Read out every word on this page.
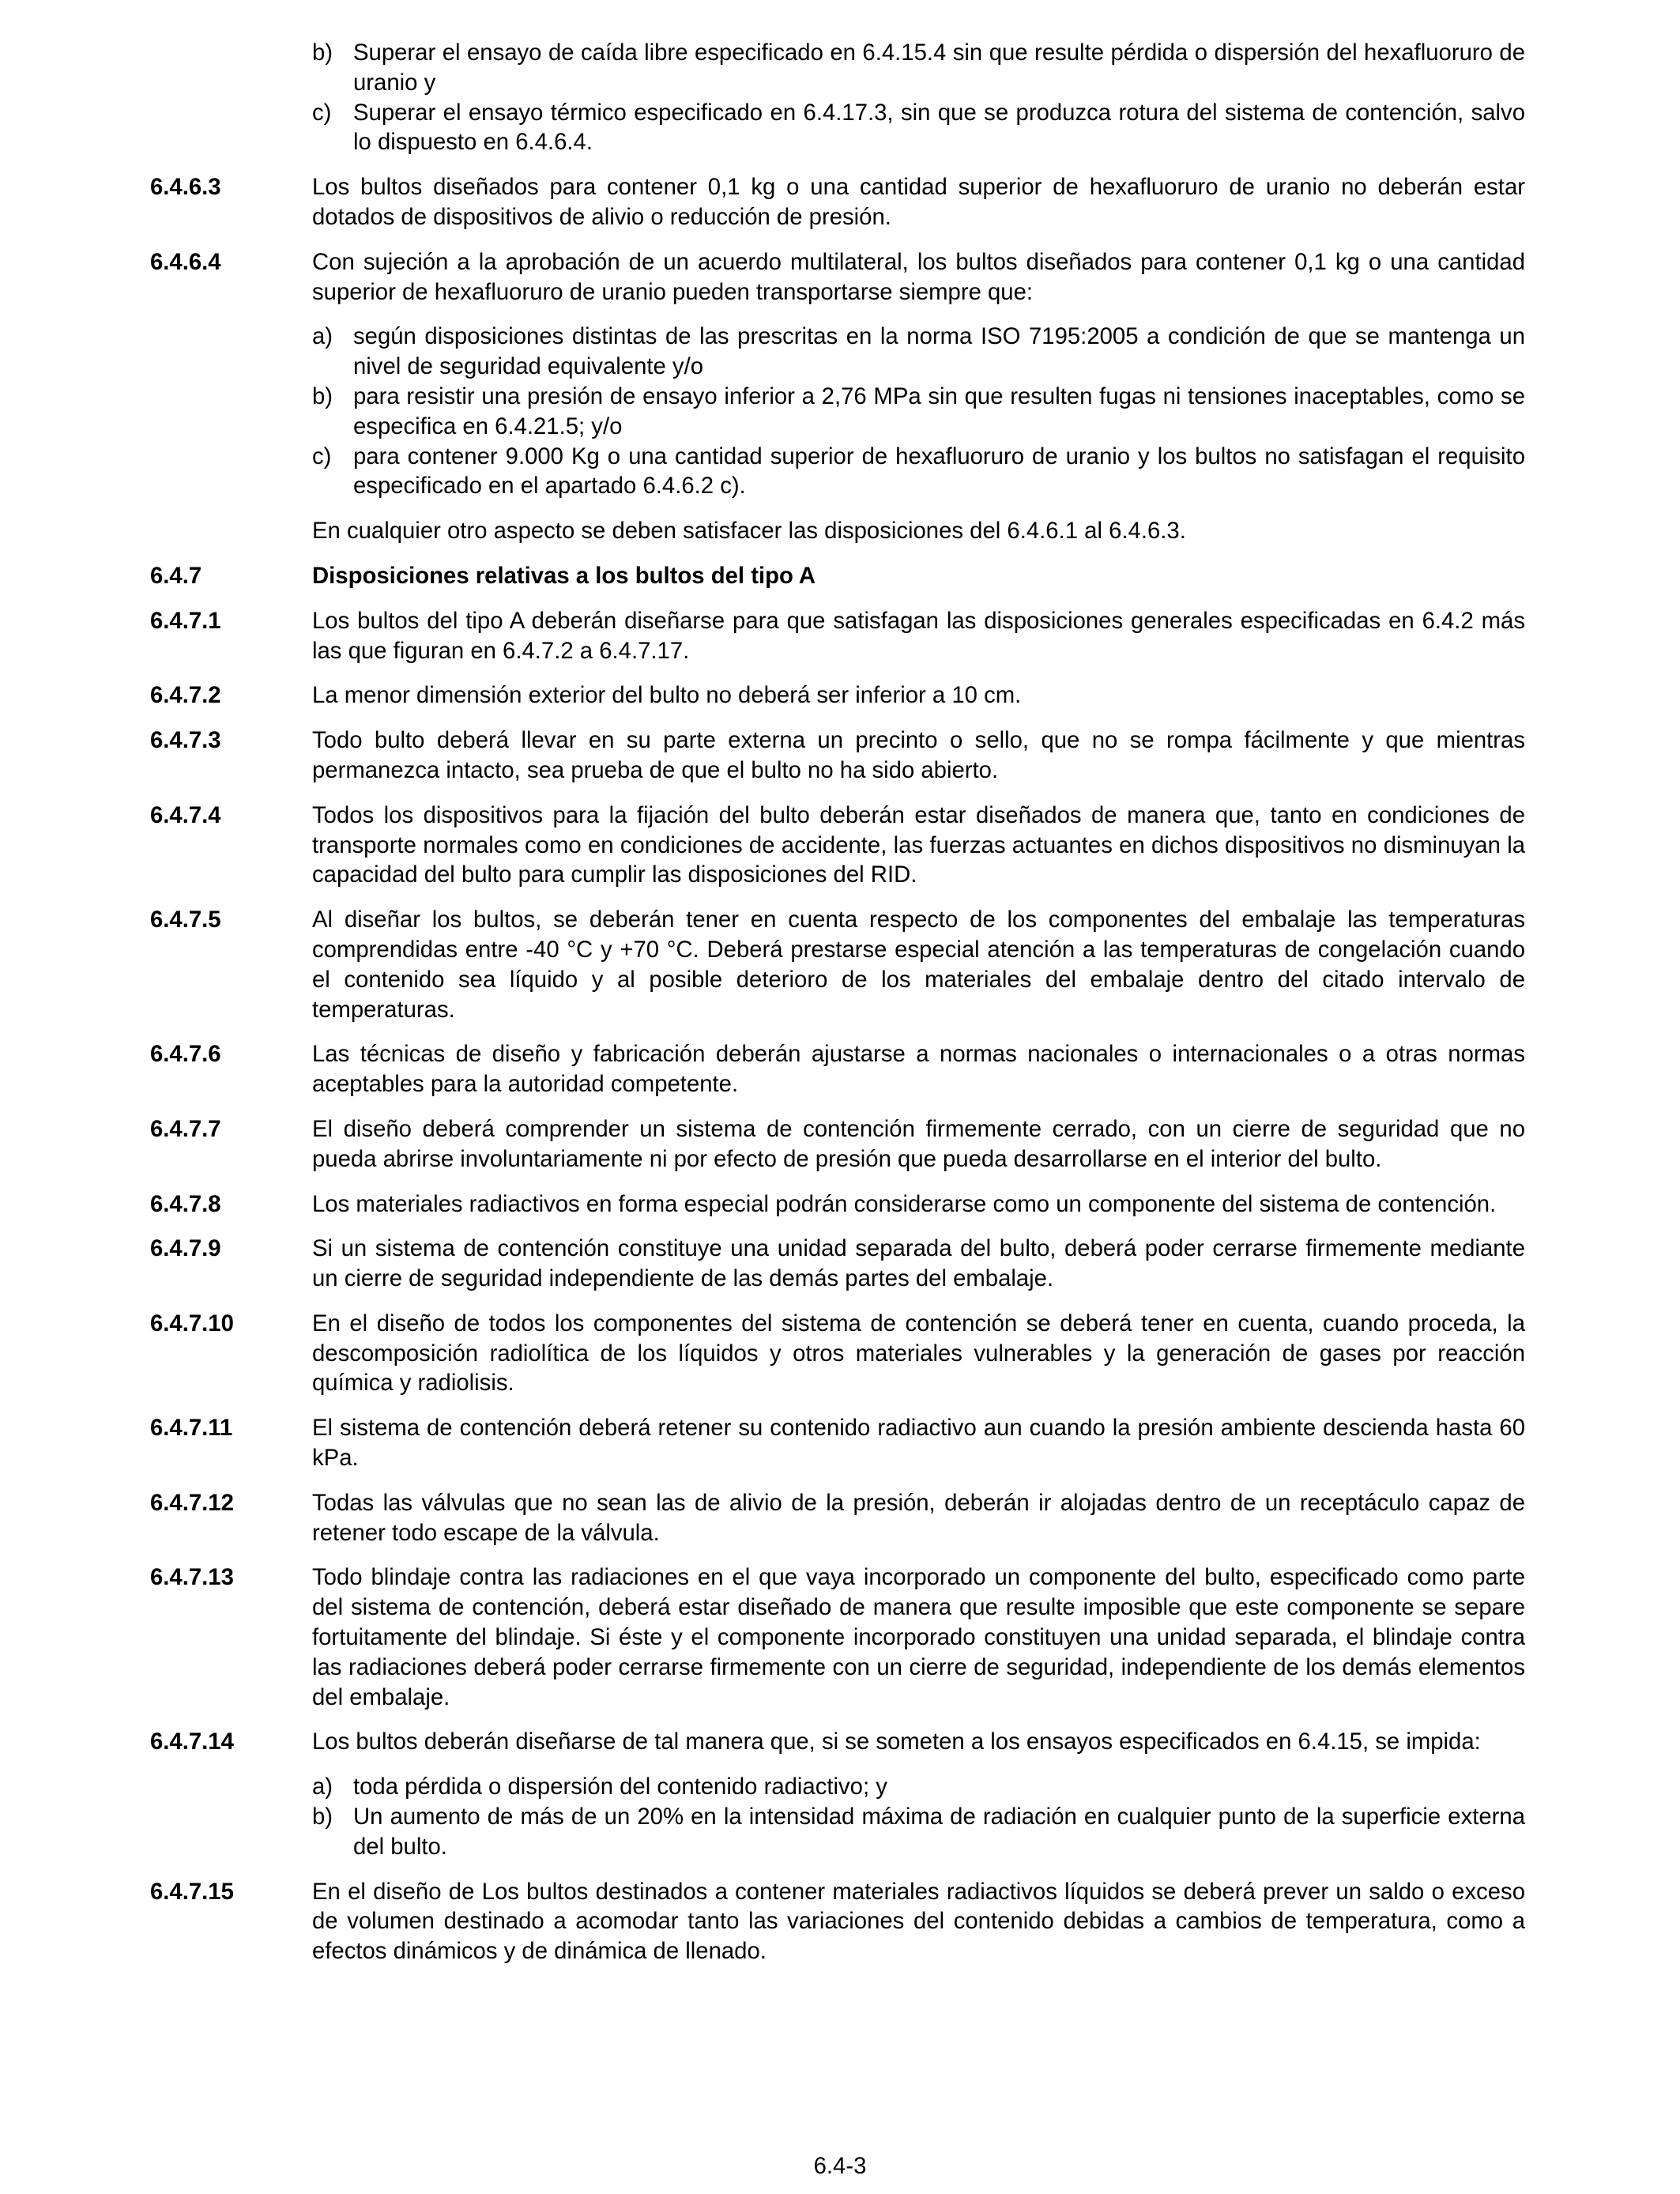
b) Superar el ensayo de caída libre especificado en 6.4.15.4 sin que resulte pérdida o dispersión del hexafluoruro de uranio y
c) Superar el ensayo térmico especificado en 6.4.17.3, sin que se produzca rotura del sistema de contención, salvo lo dispuesto en 6.4.6.4.
6.4.6.3	Los bultos diseñados para contener 0,1 kg o una cantidad superior de hexafluoruro de uranio no deberán estar dotados de dispositivos de alivio o reducción de presión.
6.4.6.4	Con sujeción a la aprobación de un acuerdo multilateral, los bultos diseñados para contener 0,1 kg o una cantidad superior de hexafluoruro de uranio pueden transportarse siempre que:
a) según disposiciones distintas de las prescritas en la norma ISO 7195:2005 a condición de que se mantenga un nivel de seguridad equivalente y/o
b) para resistir una presión de ensayo inferior a 2,76 MPa sin que resulten fugas ni tensiones inaceptables, como se especifica en 6.4.21.5; y/o
c) para contener 9.000 Kg o una cantidad superior de hexafluoruro de uranio y los bultos no satisfagan el requisito especificado en el apartado 6.4.6.2 c).
En cualquier otro aspecto se deben satisfacer las disposiciones del 6.4.6.1 al 6.4.6.3.
6.4.7	Disposiciones relativas a los bultos del tipo A
6.4.7.1	Los bultos del tipo A deberán diseñarse para que satisfagan las disposiciones generales especificadas en 6.4.2 más las que figuran en 6.4.7.2 a 6.4.7.17.
6.4.7.2	La menor dimensión exterior del bulto no deberá ser inferior a 10 cm.
6.4.7.3	Todo bulto deberá llevar en su parte externa un precinto o sello, que no se rompa fácilmente y que mientras permanezca intacto, sea prueba de que el bulto no ha sido abierto.
6.4.7.4	Todos los dispositivos para la fijación del bulto deberán estar diseñados de manera que, tanto en condiciones de transporte normales como en condiciones de accidente, las fuerzas actuantes en dichos dispositivos no disminuyan la capacidad del bulto para cumplir las disposiciones del RID.
6.4.7.5	Al diseñar los bultos, se deberán tener en cuenta respecto de los componentes del embalaje las temperaturas comprendidas entre -40 °C y +70 °C. Deberá prestarse especial atención a las temperaturas de congelación cuando el contenido sea líquido y al posible deterioro de los materiales del embalaje dentro del citado intervalo de temperaturas.
6.4.7.6	Las técnicas de diseño y fabricación deberán ajustarse a normas nacionales o internacionales o a otras normas aceptables para la autoridad competente.
6.4.7.7	El diseño deberá comprender un sistema de contención firmemente cerrado, con un cierre de seguridad que no pueda abrirse involuntariamente ni por efecto de presión que pueda desarrollarse en el interior del bulto.
6.4.7.8	Los materiales radiactivos en forma especial podrán considerarse como un componente del sistema de contención.
6.4.7.9	Si un sistema de contención constituye una unidad separada del bulto, deberá poder cerrarse firmemente mediante un cierre de seguridad independiente de las demás partes del embalaje.
6.4.7.10	En el diseño de todos los componentes del sistema de contención se deberá tener en cuenta, cuando proceda, la descomposición radiolítica de los líquidos y otros materiales vulnerables y la generación de gases por reacción química y radiolisis.
6.4.7.11	El sistema de contención deberá retener su contenido radiactivo aun cuando la presión ambiente descienda hasta 60 kPa.
6.4.7.12	Todas las válvulas que no sean las de alivio de la presión, deberán ir alojadas dentro de un receptáculo capaz de retener todo escape de la válvula.
6.4.7.13	Todo blindaje contra las radiaciones en el que vaya incorporado un componente del bulto, especificado como parte del sistema de contención, deberá estar diseñado de manera que resulte imposible que este componente se separe fortuitamente del blindaje. Si éste y el componente incorporado constituyen una unidad separada, el blindaje contra las radiaciones deberá poder cerrarse firmemente con un cierre de seguridad, independiente de los demás elementos del embalaje.
6.4.7.14	Los bultos deberán diseñarse de tal manera que, si se someten a los ensayos especificados en 6.4.15, se impida:
a) toda pérdida o dispersión del contenido radiactivo; y
b) Un aumento de más de un 20% en la intensidad máxima de radiación en cualquier punto de la superficie externa del bulto.
6.4.7.15	En el diseño de Los bultos destinados a contener materiales radiactivos líquidos se deberá prever un saldo o exceso de volumen destinado a acomodar tanto las variaciones del contenido debidas a cambios de temperatura, como a efectos dinámicos y de dinámica de llenado.
6.4-3
